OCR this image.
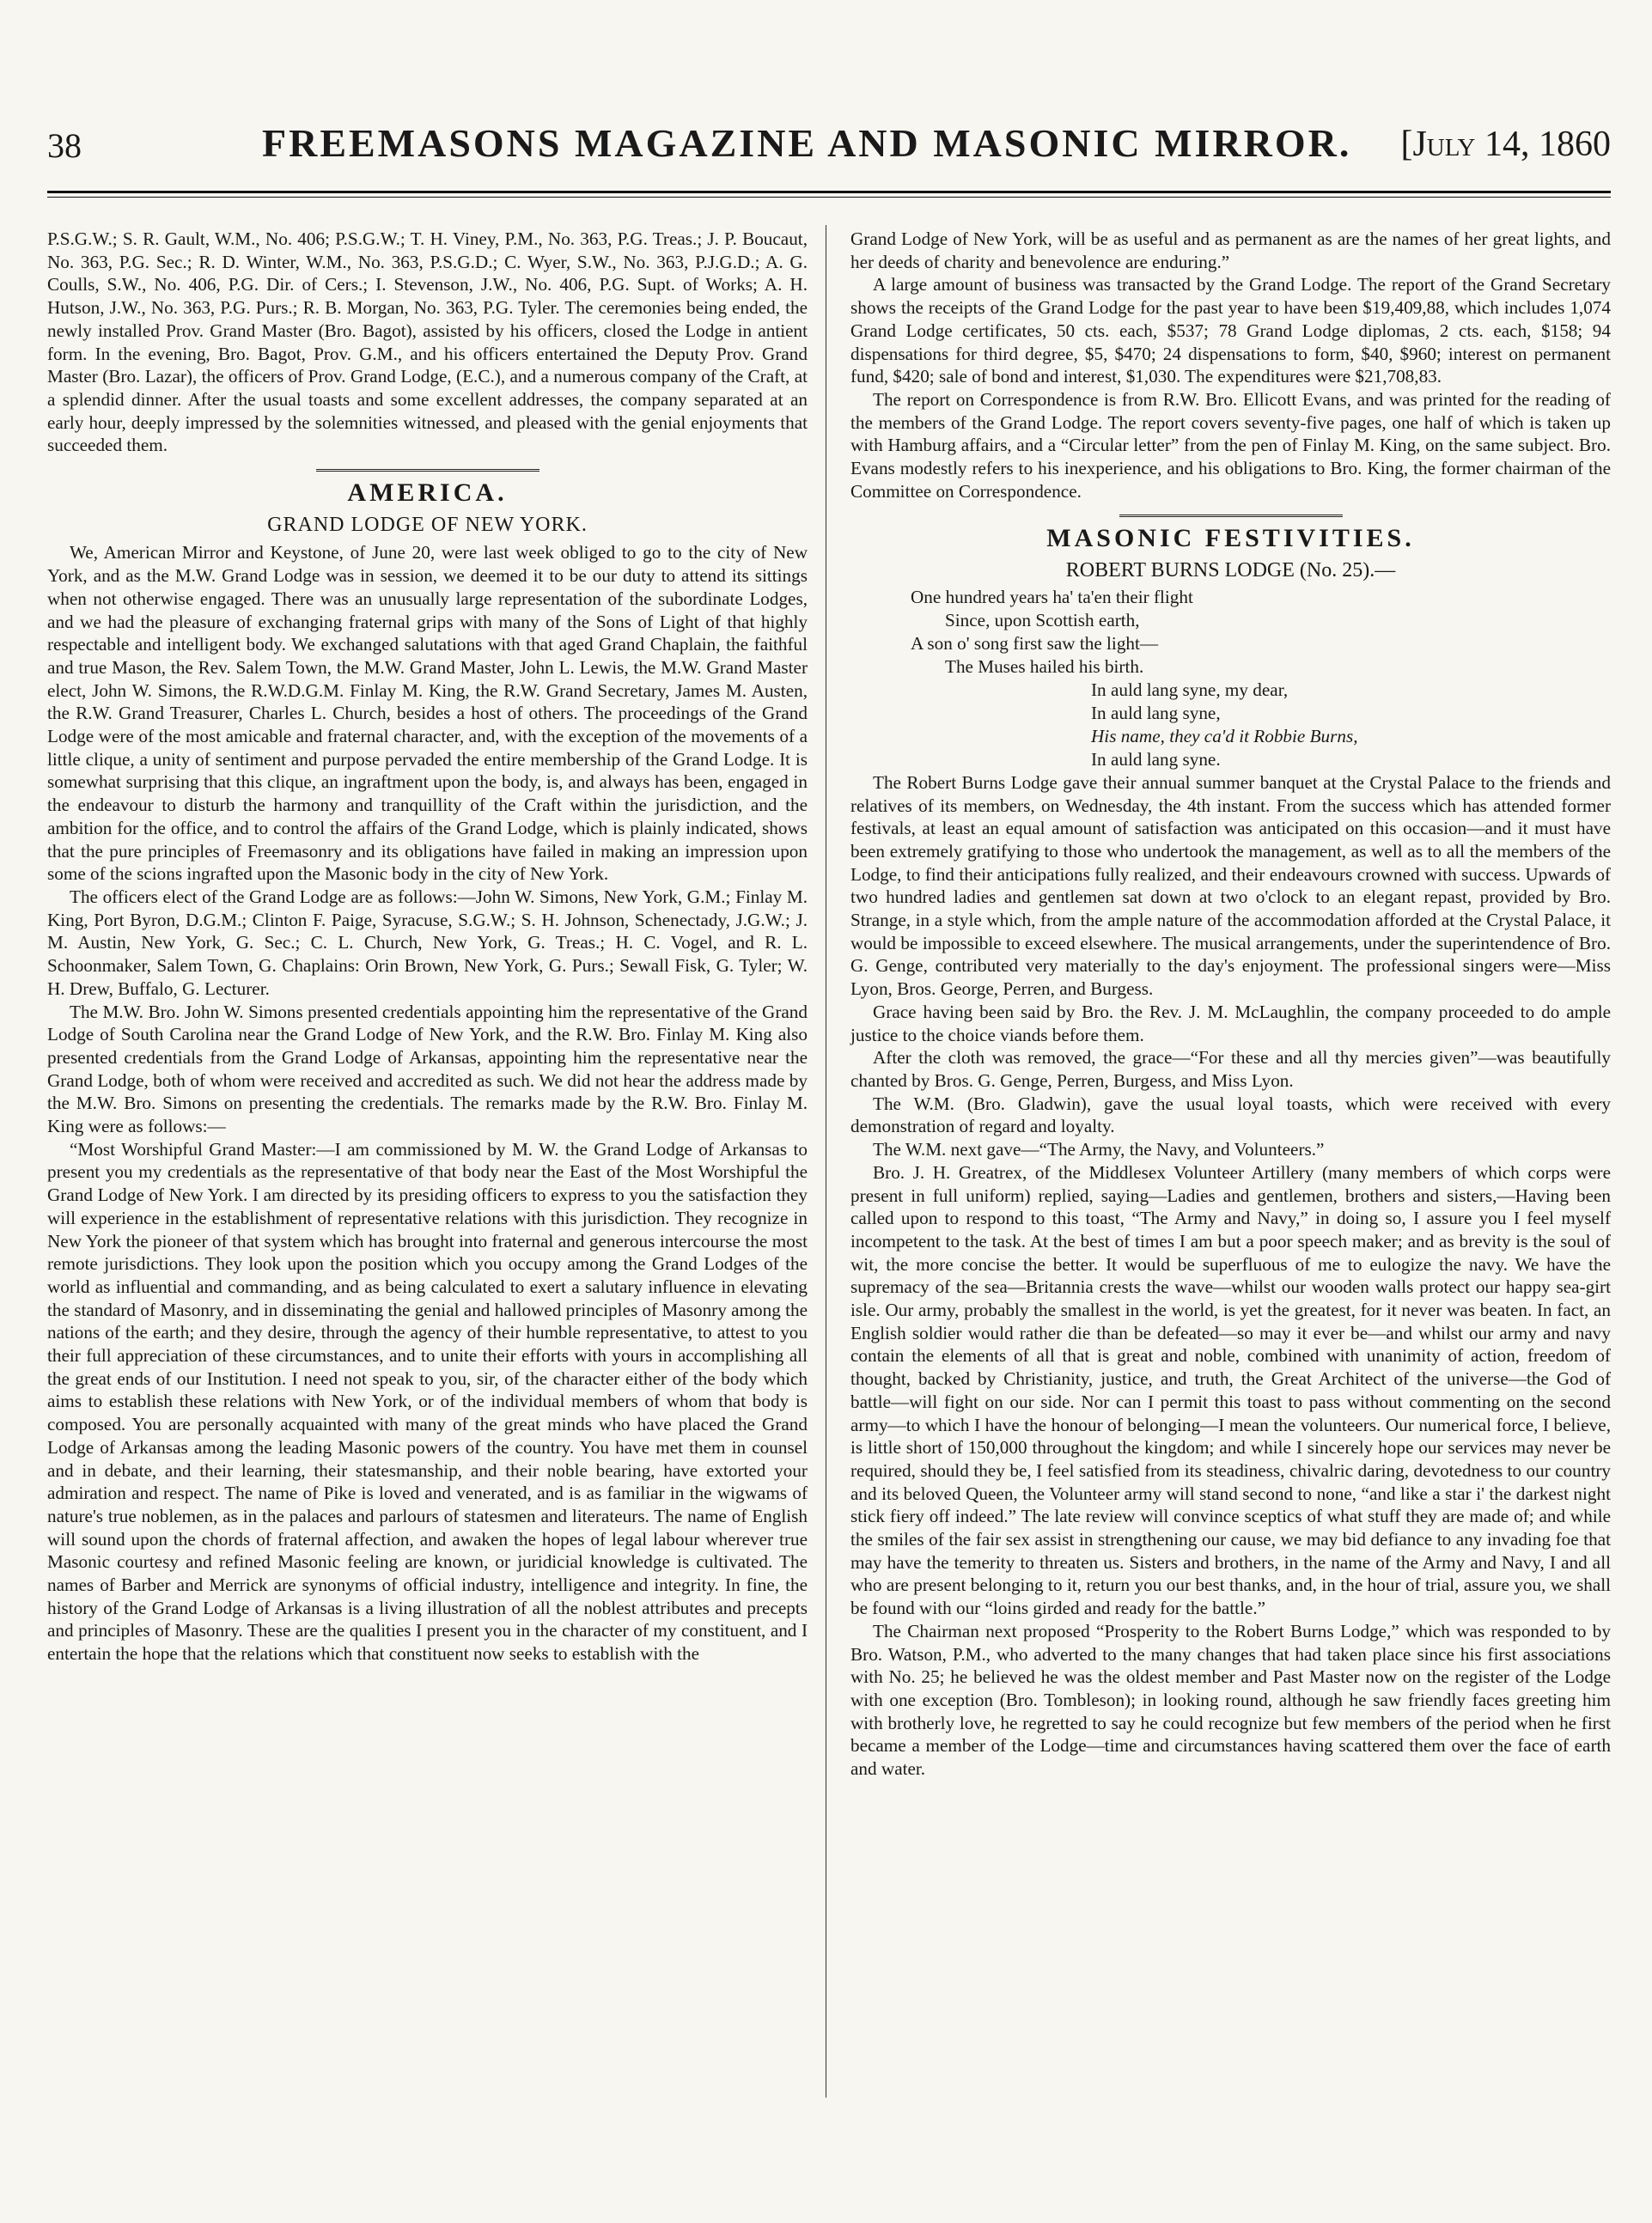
38	FREEMASONS MAGAZINE AND MASONIC MIRROR. [July 14, 1860

P.S.G.W.; S. R. Gault, W.M., No. 406; P.S.G.W.; T. H. Viney, P.M., No. 363, P.G. Treas.; J. P. Boucaut, No. 363, P.G. Sec.; R. D. Winter, W.M., No. 363, P.S.G.D.; C. Wyer, S.W., No. 363, P.J.G.D.; A. G. Coulls, S.W., No. 406, P.G. Dir. of Cers.; I. Stevenson, J.W., No. 406, P.G. Supt. of Works; A. H. Hutson, J.W., No. 363, P.G. Purs.; R. B. Morgan, No. 363, P.G. Tyler. The ceremonies being ended, the newly installed Prov. Grand Master (Bro. Bagot), assisted by his officers, closed the Lodge in antient form. In the evening, Bro. Bagot, Prov. G.M., and his officers entertained the Deputy Prov. Grand Master (Bro. Lazar), the officers of Prov. Grand Lodge, (E.C.), and a numerous company of the Craft, at a splendid dinner. After the usual toasts and some excellent addresses, the company separated at an early hour, deeply impressed by the solemnities witnessed, and pleased with the genial enjoyments that succeeded them.

AMERICA.
GRAND LODGE OF NEW YORK.

We, American Mirror and Keystone, of June 20, were last week obliged to go to the city of New York, and as the M.W. Grand Lodge was in session, we deemed it to be our duty to attend its sittings when not otherwise engaged. There was an unusually large representation of the subordinate Lodges, and we had the pleasure of exchanging fraternal grips with many of the Sons of Light of that highly respectable and intelligent body. We exchanged salutations with that aged Grand Chaplain, the faithful and true Mason, the Rev. Salem Town, the M.W. Grand Master, John L. Lewis, the M.W. Grand Master elect, John W. Simons, the R.W.D.G.M. Finlay M. King, the R.W. Grand Secretary, James M. Austen, the R.W. Grand Treasurer, Charles L. Church, besides a host of others. The proceedings of the Grand Lodge were of the most amicable and fraternal character, and, with the exception of the movements of a little clique, a unity of sentiment and purpose pervaded the entire membership of the Grand Lodge. It is somewhat surprising that this clique, an ingraftment upon the body, is, and always has been, engaged in the endeavour to disturb the harmony and tranquillity of the Craft within the jurisdiction, and the ambition for the office, and to control the affairs of the Grand Lodge, which is plainly indicated, shows that the pure principles of Freemasonry and its obligations have failed in making an impression upon some of the scions ingrafted upon the Masonic body in the city of New York.

The officers elect of the Grand Lodge are as follows:—John W. Simons, New York, G.M.; Finlay M. King, Port Byron, D.G.M.; Clinton F. Paige, Syracuse, S.G.W.; S. H. Johnson, Schenectady, J.G.W.; J. M. Austin, New York, G. Sec.; C. L. Church, New York, G. Treas.; H. C. Vogel, and R. L. Schoonmaker, Salem Town, G. Chaplains: Orin Brown, New York, G. Purs.; Sewall Fisk, G. Tyler; W. H. Drew, Buffalo, G. Lecturer.

The M.W. Bro. John W. Simons presented credentials appointing him the representative of the Grand Lodge of South Carolina near the Grand Lodge of New York, and the R.W. Bro. Finlay M. King also presented credentials from the Grand Lodge of Arkansas, appointing him the representative near the Grand Lodge, both of whom were received and accredited as such. We did not hear the address made by the M.W. Bro. Simons on presenting the credentials. The remarks made by the R.W. Bro. Finlay M. King were as follows:—

“Most Worshipful Grand Master:—I am commissioned by M. W. the Grand Lodge of Arkansas to present you my credentials as the representative of that body near the East of the Most Worshipful the Grand Lodge of New York. I am directed by its presiding officers to express to you the satisfaction they will experience in the establishment of representative relations with this jurisdiction. They recognize in New York the pioneer of that system which has brought into fraternal and generous intercourse the most remote jurisdictions. They look upon the position which you occupy among the Grand Lodges of the world as influential and commanding, and as being calculated to exert a salutary influence in elevating the standard of Masonry, and in disseminating the genial and hallowed principles of Masonry among the nations of the earth; and they desire, through the agency of their humble representative, to attest to you their full appreciation of these circumstances, and to unite their efforts with yours in accomplishing all the great ends of our Institution. I need not speak to you, sir, of the character either of the body which aims to establish these relations with New York, or of the individual members of whom that body is composed. You are personally acquainted with many of the great minds who have placed the Grand Lodge of Arkansas among the leading Masonic powers of the country. You have met them in counsel and in debate, and their learning, their statesmanship, and their noble bearing, have extorted your admiration and respect. The name of Pike is loved and venerated, and is as familiar in the wigwams of nature's true noblemen, as in the palaces and parlours of statesmen and literateurs. The name of English will sound upon the chords of fraternal affection, and awaken the hopes of legal labour wherever true Masonic courtesy and refined Masonic feeling are known, or juridicial knowledge is cultivated. The names of Barber and Merrick are synonyms of official industry, intelligence and integrity. In fine, the history of the Grand Lodge of Arkansas is a living illustration of all the noblest attributes and precepts and principles of Masonry. These are the qualities I present you in the character of my constituent, and I entertain the hope that the relations which that constituent now seeks to establish with the

Grand Lodge of New York, will be as useful and as permanent as are the names of her great lights, and her deeds of charity and benevolence are enduring.”

A large amount of business was transacted by the Grand Lodge. The report of the Grand Secretary shows the receipts of the Grand Lodge for the past year to have been $19,409,88, which includes 1,074 Grand Lodge certificates, 50 cts. each, $537; 78 Grand Lodge diplomas, 2 cts. each, $158; 94 dispensations for third degree, $5, $470; 24 dispensations to form, $40, $960; interest on permanent fund, $420; sale of bond and interest, $1,030. The expenditures were $21,708,83.

The report on Correspondence is from R.W. Bro. Ellicott Evans, and was printed for the reading of the members of the Grand Lodge. The report covers seventy-five pages, one half of which is taken up with Hamburg affairs, and a “Circular letter” from the pen of Finlay M. King, on the same subject. Bro. Evans modestly refers to his inexperience, and his obligations to Bro. King, the former chairman of the Committee on Correspondence.

MASONIC FESTIVITIES.
ROBERT BURNS LODGE (No. 25).—
One hundred years ha' ta'en their flight
Since, upon Scottish earth,
A son o' song first saw the light—
The Muses hailed his birth.
In auld lang syne, my dear,
In auld lang syne,
His name, they ca'd it Robbie Burns,
In auld lang syne.

The Robert Burns Lodge gave their annual summer banquet at the Crystal Palace to the friends and relatives of its members, on Wednesday, the 4th instant. From the success which has attended former festivals, at least an equal amount of satisfaction was anticipated on this occasion—and it must have been extremely gratifying to those who undertook the management, as well as to all the members of the Lodge, to find their anticipations fully realized, and their endeavours crowned with success. Upwards of two hundred ladies and gentlemen sat down at two o'clock to an elegant repast, provided by Bro. Strange, in a style which, from the ample nature of the accommodation afforded at the Crystal Palace, it would be impossible to exceed elsewhere. The musical arrangements, under the superintendence of Bro. G. Genge, contributed very materially to the day's enjoyment. The professional singers were—Miss Lyon, Bros. George, Perren, and Burgess.

Grace having been said by Bro. the Rev. J. M. McLaughlin, the company proceeded to do ample justice to the choice viands before them.

After the cloth was removed, the grace—“For these and all thy mercies given”—was beautifully chanted by Bros. G. Genge, Perren, Burgess, and Miss Lyon.

The W.M. (Bro. Gladwin), gave the usual loyal toasts, which were received with every demonstration of regard and loyalty.

The W.M. next gave—“The Army, the Navy, and Volunteers.”

Bro. J. H. Greatrex, of the Middlesex Volunteer Artillery (many members of which corps were present in full uniform) replied, saying—Ladies and gentlemen, brothers and sisters,—Having been called upon to respond to this toast, “The Army and Navy,” in doing so, I assure you I feel myself incompetent to the task. At the best of times I am but a poor speech maker; and as brevity is the soul of wit, the more concise the better. It would be superfluous of me to eulogize the navy. We have the supremacy of the sea—Britannia crests the wave—whilst our wooden walls protect our happy sea-girt isle. Our army, probably the smallest in the world, is yet the greatest, for it never was beaten. In fact, an English soldier would rather die than be defeated—so may it ever be—and whilst our army and navy contain the elements of all that is great and noble, combined with unanimity of action, freedom of thought, backed by Christianity, justice, and truth, the Great Architect of the universe—the God of battle—will fight on our side. Nor can I permit this toast to pass without commenting on the second army—to which I have the honour of belonging—I mean the volunteers. Our numerical force, I believe, is little short of 150,000 throughout the kingdom; and while I sincerely hope our services may never be required, should they be, I feel satisfied from its steadiness, chivalric daring, devotedness to our country and its beloved Queen, the Volunteer army will stand second to none, “and like a star i' the darkest night stick fiery off indeed.” The late review will convince sceptics of what stuff they are made of; and while the smiles of the fair sex assist in strengthening our cause, we may bid defiance to any invading foe that may have the temerity to threaten us. Sisters and brothers, in the name of the Army and Navy, I and all who are present belonging to it, return you our best thanks, and, in the hour of trial, assure you, we shall be found with our “loins girded and ready for the battle.”

The Chairman next proposed “Prosperity to the Robert Burns Lodge,” which was responded to by Bro. Watson, P.M., who adverted to the many changes that had taken place since his first associations with No. 25; he believed he was the oldest member and Past Master now on the register of the Lodge with one exception (Bro. Tombleson); in looking round, although he saw friendly faces greeting him with brotherly love, he regretted to say he could recognize but few members of the period when he first became a member of the Lodge—time and circumstances having scattered them over the face of earth and water.
